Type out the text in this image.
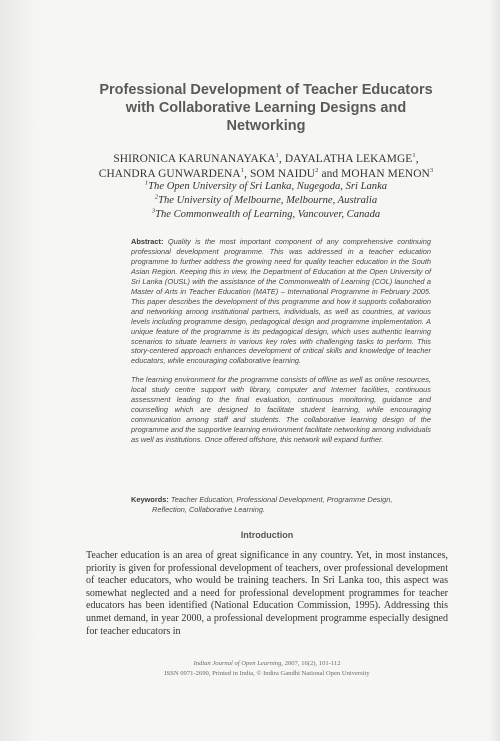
Professional Development of Teacher Educators
with Collaborative Learning Designs and
Networking
SHIRONICA KARUNANAYAKA$^1$, DAYALATHA LEKAMGE$^1$,
CHANDRA GUNWARDENA$^1$, SOM NAIDU$^2$ and MOHAN MENON$^3$
$^1$The Open University of Sri Lanka, Nugegoda, Sri Lanka
$^2$The University of Melbourne, Melbourne, Australia
$^3$The Commonwealth of Learning, Vancouver, Canada

Abstract: Quality is the most important component of any comprehensive continuing professional development programme. This was addressed in a teacher education programme to further address the growing need for quality teacher education in the South Asian Region. Keeping this in view, the Department of Education at the Open University of Sri Lanka (OUSL) with the assistance of the Commonwealth of Learning (COL) launched a Master of Arts in Teacher Education (MATE) – International Programme in February 2005. This paper describes the development of this programme and how it supports collaboration and networking among institutional partners, individuals, as well as countries, at various levels including programme design, pedagogical design and programme implementation. A unique feature of the programme is its pedagogical design, which uses authentic learning scenarios to situate learners in various key roles with challenging tasks to perform. This story-centered approach enhances development of critical skills and knowledge of teacher educators, while encouraging collaborative learning.

The learning environment for the programme consists of offline as well as online resources, local study centre support with library, computer and Internet facilities, continuous assessment leading to the final evaluation, continuous monitoring, guidance and counselling which are designed to facilitate student learning, while encouraging communication among staff and students. The collaborative learning design of the programme and the supportive learning environment facilitate networking among individuals as well as institutions. Once offered offshore, this network will expand further.

Keywords: Teacher Education, Professional Development, Programme Design,
Reflection, Collaborative Learning.
Introduction
Teacher education is an area of great significance in any country. Yet, in most instances, priority is given for professional development of teachers, over professional development of teacher educators, who would be training teachers. In Sri Lanka too, this aspect was somewhat neglected and a need for professional development programmes for teacher educators has been identified (National Education Commission, 1995). Addressing this unmet demand, in year 2000, a professional development programme especially designed for teacher educators in
Indian Journal of Open Learning, 2007, 16(2), 101-112
ISSN 0971-2690, Printed in India, © Indira Gandhi National Open University
